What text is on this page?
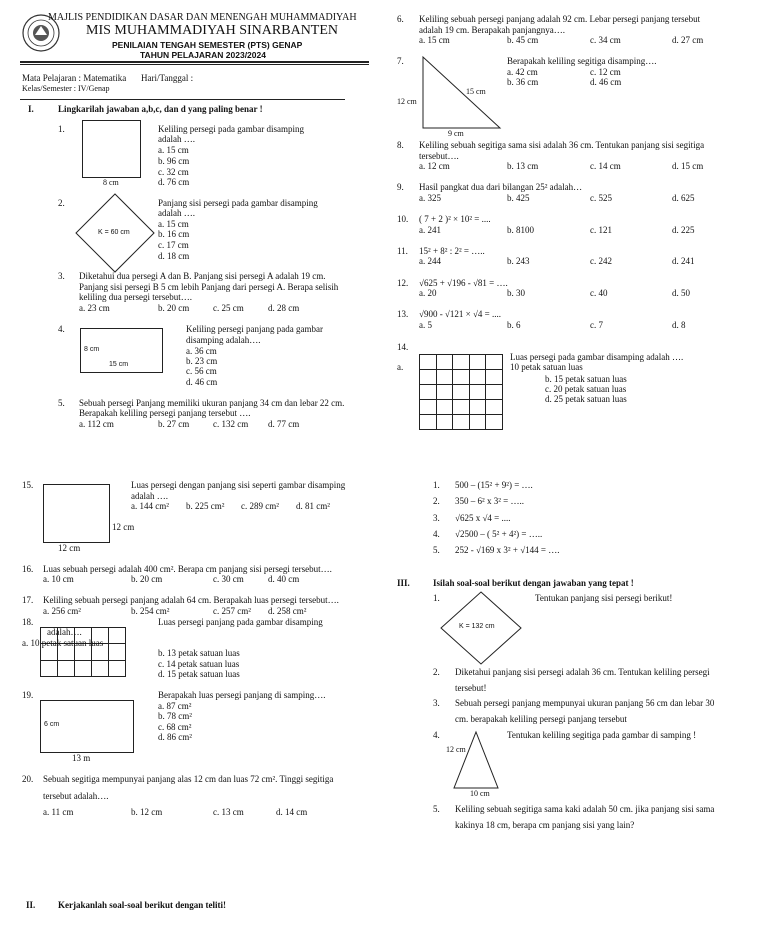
MAJLIS PENDIDIKAN DASAR DAN MENENGAH MUHAMMADIYAH
MIS MUHAMMADIYAH SINARBANTEN
PENILAIAN TENGAH SEMESTER (PTS) GENAP
TAHUN PELAJARAN 2023/2024
Mata Pelajaran : Matematika Hari/Tanggal :
Kelas/Semester : IV/Genap
I.	Lingkarilah jawaban a,b,c, dan d yang paling benar !
1.
8 cm
Keliling persegi pada gambar disamping
adalah ….
a. 15 cm
b. 96 cm
c. 32 cm
d. 76 cm
2.
K = 60 cm
Panjang sisi persegi pada gambar disamping
adalah ….
a. 15 cm
b. 16 cm
c. 17 cm
d. 18 cm
3. Diketahui dua persegi A dan B. Panjang sisi persegi A adalah 19 cm.
Panjang sisi persegi B 5 cm lebih Panjang dari persegi A. Berapa selisih
keliling dua persegi tersebut….
a. 23 cm	b. 20 cm	c. 25 cm	d. 28 cm
4.
8 cm
15 cm
Keliling persegi panjang pada gambar
disamping adalah….
a. 36 cm
b. 23 cm
c. 56 cm
d. 46 cm
5. Sebuah persegi Panjang memiliki ukuran panjang 34 cm dan lebar 22 cm.
Berapakah keliling persegi panjang tersebut ….
a. 112 cm	b. 27 cm	c. 132 cm d. 77 cm
6. Keliling sebuah persegi panjang adalah 92 cm. Lebar persegi panjang tersebut
adalah 19 cm. Berapakah panjangnya….
a. 15 cm	b. 45 cm	c. 34 cm	d. 27 cm
7.
15 cm
12 cm
9 cm
Berapakah keliling segitiga disamping….
a. 42 cm
b. 36 cm
c. 12 cm
d. 46 cm
8. Keliling sebuah segitiga sama sisi adalah 36 cm. Tentukan panjang sisi segitiga
tersebut….
a. 12 cm	b. 13 cm	c. 14 cm	d. 15 cm
9. Hasil pangkat dua dari bilangan 25² adalah…
a. 325	b. 425	c. 525	d. 625
10. ( 7 + 2 )² × 10² = ....
a. 241	b. 8100	c. 121	d. 225
11. 15² + 8² : 2² = …..
a. 244	b. 243	c. 242	d. 241
12. √625 + √196 - √81 = ….
a. 20	b. 30	c. 40	d. 50
13. √900 - √121 × √4 = ....
a. 5	b. 6	c. 7	d. 8
14.

Luas persegi pada gambar disamping adalah ….
a.	10 petak satuan luas
b. 15 petak satuan luas
c. 20 petak satuan luas
d. 25 petak satuan luas
15.
12 cm
12 cm
Luas persegi dengan panjang sisi seperti gambar disamping
adalah ….
a. 144 cm² b. 225 cm² c. 289 cm² d. 81 cm²
16. Luas sebuah persegi adalah 400 cm². Berapa cm panjang sisi persegi tersebut….
a. 10 cm	b. 20 cm	c. 30 cm	d. 40 cm
17. Keliling sebuah persegi panjang adalah 64 cm. Berapakah luas persegi tersebut….
a. 256 cm²	b. 254 cm²	c. 257 cm² d. 258 cm²
18.

					Luas persegi panjang pada gambar disamping
adalah….
a. 10 petak satuan luas
b. 13 petak satuan luas
c. 14 petak satuan luas
d. 15 petak satuan luas
19.
6 cm
13 m
Berapakah luas persegi panjang di samping….
a. 87 cm²
b. 78 cm²
c. 68 cm²
d. 86 cm²
20. Sebuah segitiga mempunyai panjang alas 12 cm dan luas 72 cm². Tinggi segitiga
tersebut adalah….
a. 11 cm	b. 12 cm	c. 13 cm	d. 14 cm
II.	Kerjakanlah soal-soal berikut dengan teliti!
1. 500 – (15² + 9²) = ….
2. 350 – 6² x 3² = …..
3. √625 x √4 = ....
4. √2500 – ( 5² + 4²) = …..
5. 252 - √169 x 3² + √144 = ….
III.	Isilah soal-soal berikut dengan jawaban yang tepat !
1.	Tentukan panjang sisi persegi berikut!
K = 132 cm
2. Diketahui panjang sisi persegi adalah 36 cm. Tentukan keliling persegi
tersebut!
3. Sebuah persegi panjang mempunyai ukuran panjang 56 cm dan lebar 30
cm. berapakah keliling persegi panjang tersebut
4.	Tentukan keliling segitiga pada gambar di samping !
12 cm
10 cm
5. Keliling sebuah segitiga sama kaki adalah 50 cm. jika panjang sisi sama
kakinya 18 cm, berapa cm panjang sisi yang lain?
